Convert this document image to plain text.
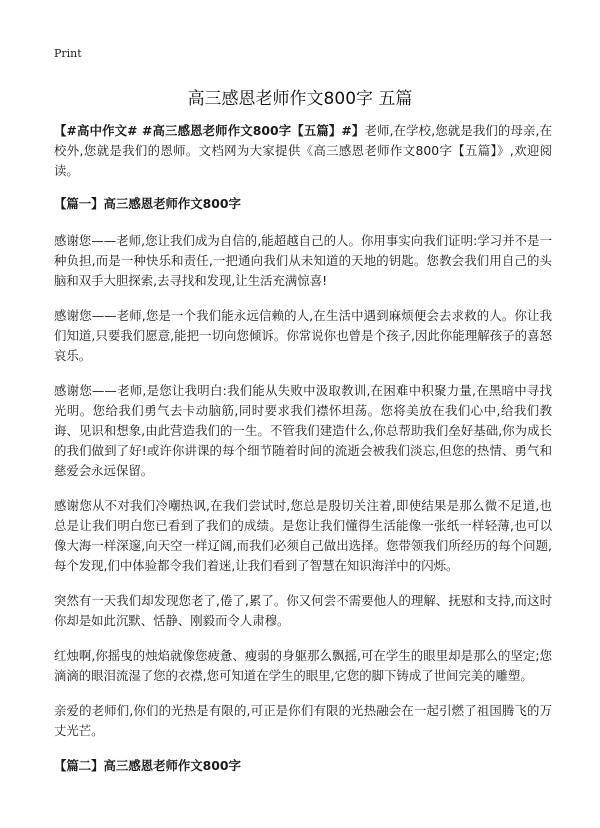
Print
高三感恩老师作文800字 五篇

【#高中作文# #高三感恩老师作文800字【五篇】#】老师,在学校,您就是我们的母亲,在校外,您就是我们的恩师。文档网为大家提供《高三感恩老师作文800字【五篇】》,欢迎阅读。

【篇一】高三感恩老师作文800字

感谢您——老师,您让我们成为自信的,能超越自己的人。你用事实向我们证明:学习并不是一种负担,而是一种快乐和责任,一把通向我们从未知道的天地的钥匙。您教会我们用自己的头脑和双手大胆探索,去寻找和发现,让生活充满惊喜!

感谢您——老师,您是一个我们能永远信赖的人,在生活中遇到麻烦便会去求救的人。你让我们知道,只要我们愿意,能把一切向您倾诉。你常说你也曾是个孩子,因此你能理解孩子的喜怒哀乐。

感谢您——老师,是您让我明白:我们能从失败中汲取教训,在困难中积聚力量,在黑暗中寻找光明。您给我们勇气去卡动脑筋,同时要求我们襟怀坦荡。您将美放在我们心中,给我们教诲、见识和想象,由此营造我们的一生。不管我们建造什么,你总帮助我们垒好基础,你为成长的我们做到了好!或许你讲课的每个细节随着时间的流逝会被我们淡忘,但您的热情、勇气和慈爱会永远保留。

感谢您从不对我们冷嘲热讽,在我们尝试时,您总是殷切关注着,即使结果是那么微不足道,也总是让我们明白您已看到了我们的成绩。是您让我们懂得生活能像一张纸一样轻薄,也可以像大海一样深邃,向天空一样辽阔,而我们必须自己做出选择。您带领我们所经历的每个问题,每个发现,们中体验都令我们着迷,让我们看到了智慧在知识海洋中的闪烁。

突然有一天我们却发现您老了,倦了,累了。你又何尝不需要他人的理解、抚慰和支持,而这时你却是如此沉默、恬静、刚毅而令人肃穆。

红烛啊,你摇曳的烛焰就像您疲惫、瘦弱的身躯那么飘摇,可在学生的眼里却是那么的坚定;您滴滴的眼泪流湿了您的衣襟,您可知道在学生的眼里,它您的脚下铸成了世间完美的雕塑。

亲爱的老师们,你们的光热是有限的,可正是你们有限的光热融会在一起引燃了祖国腾飞的万丈光芒。

【篇二】高三感恩老师作文800字
